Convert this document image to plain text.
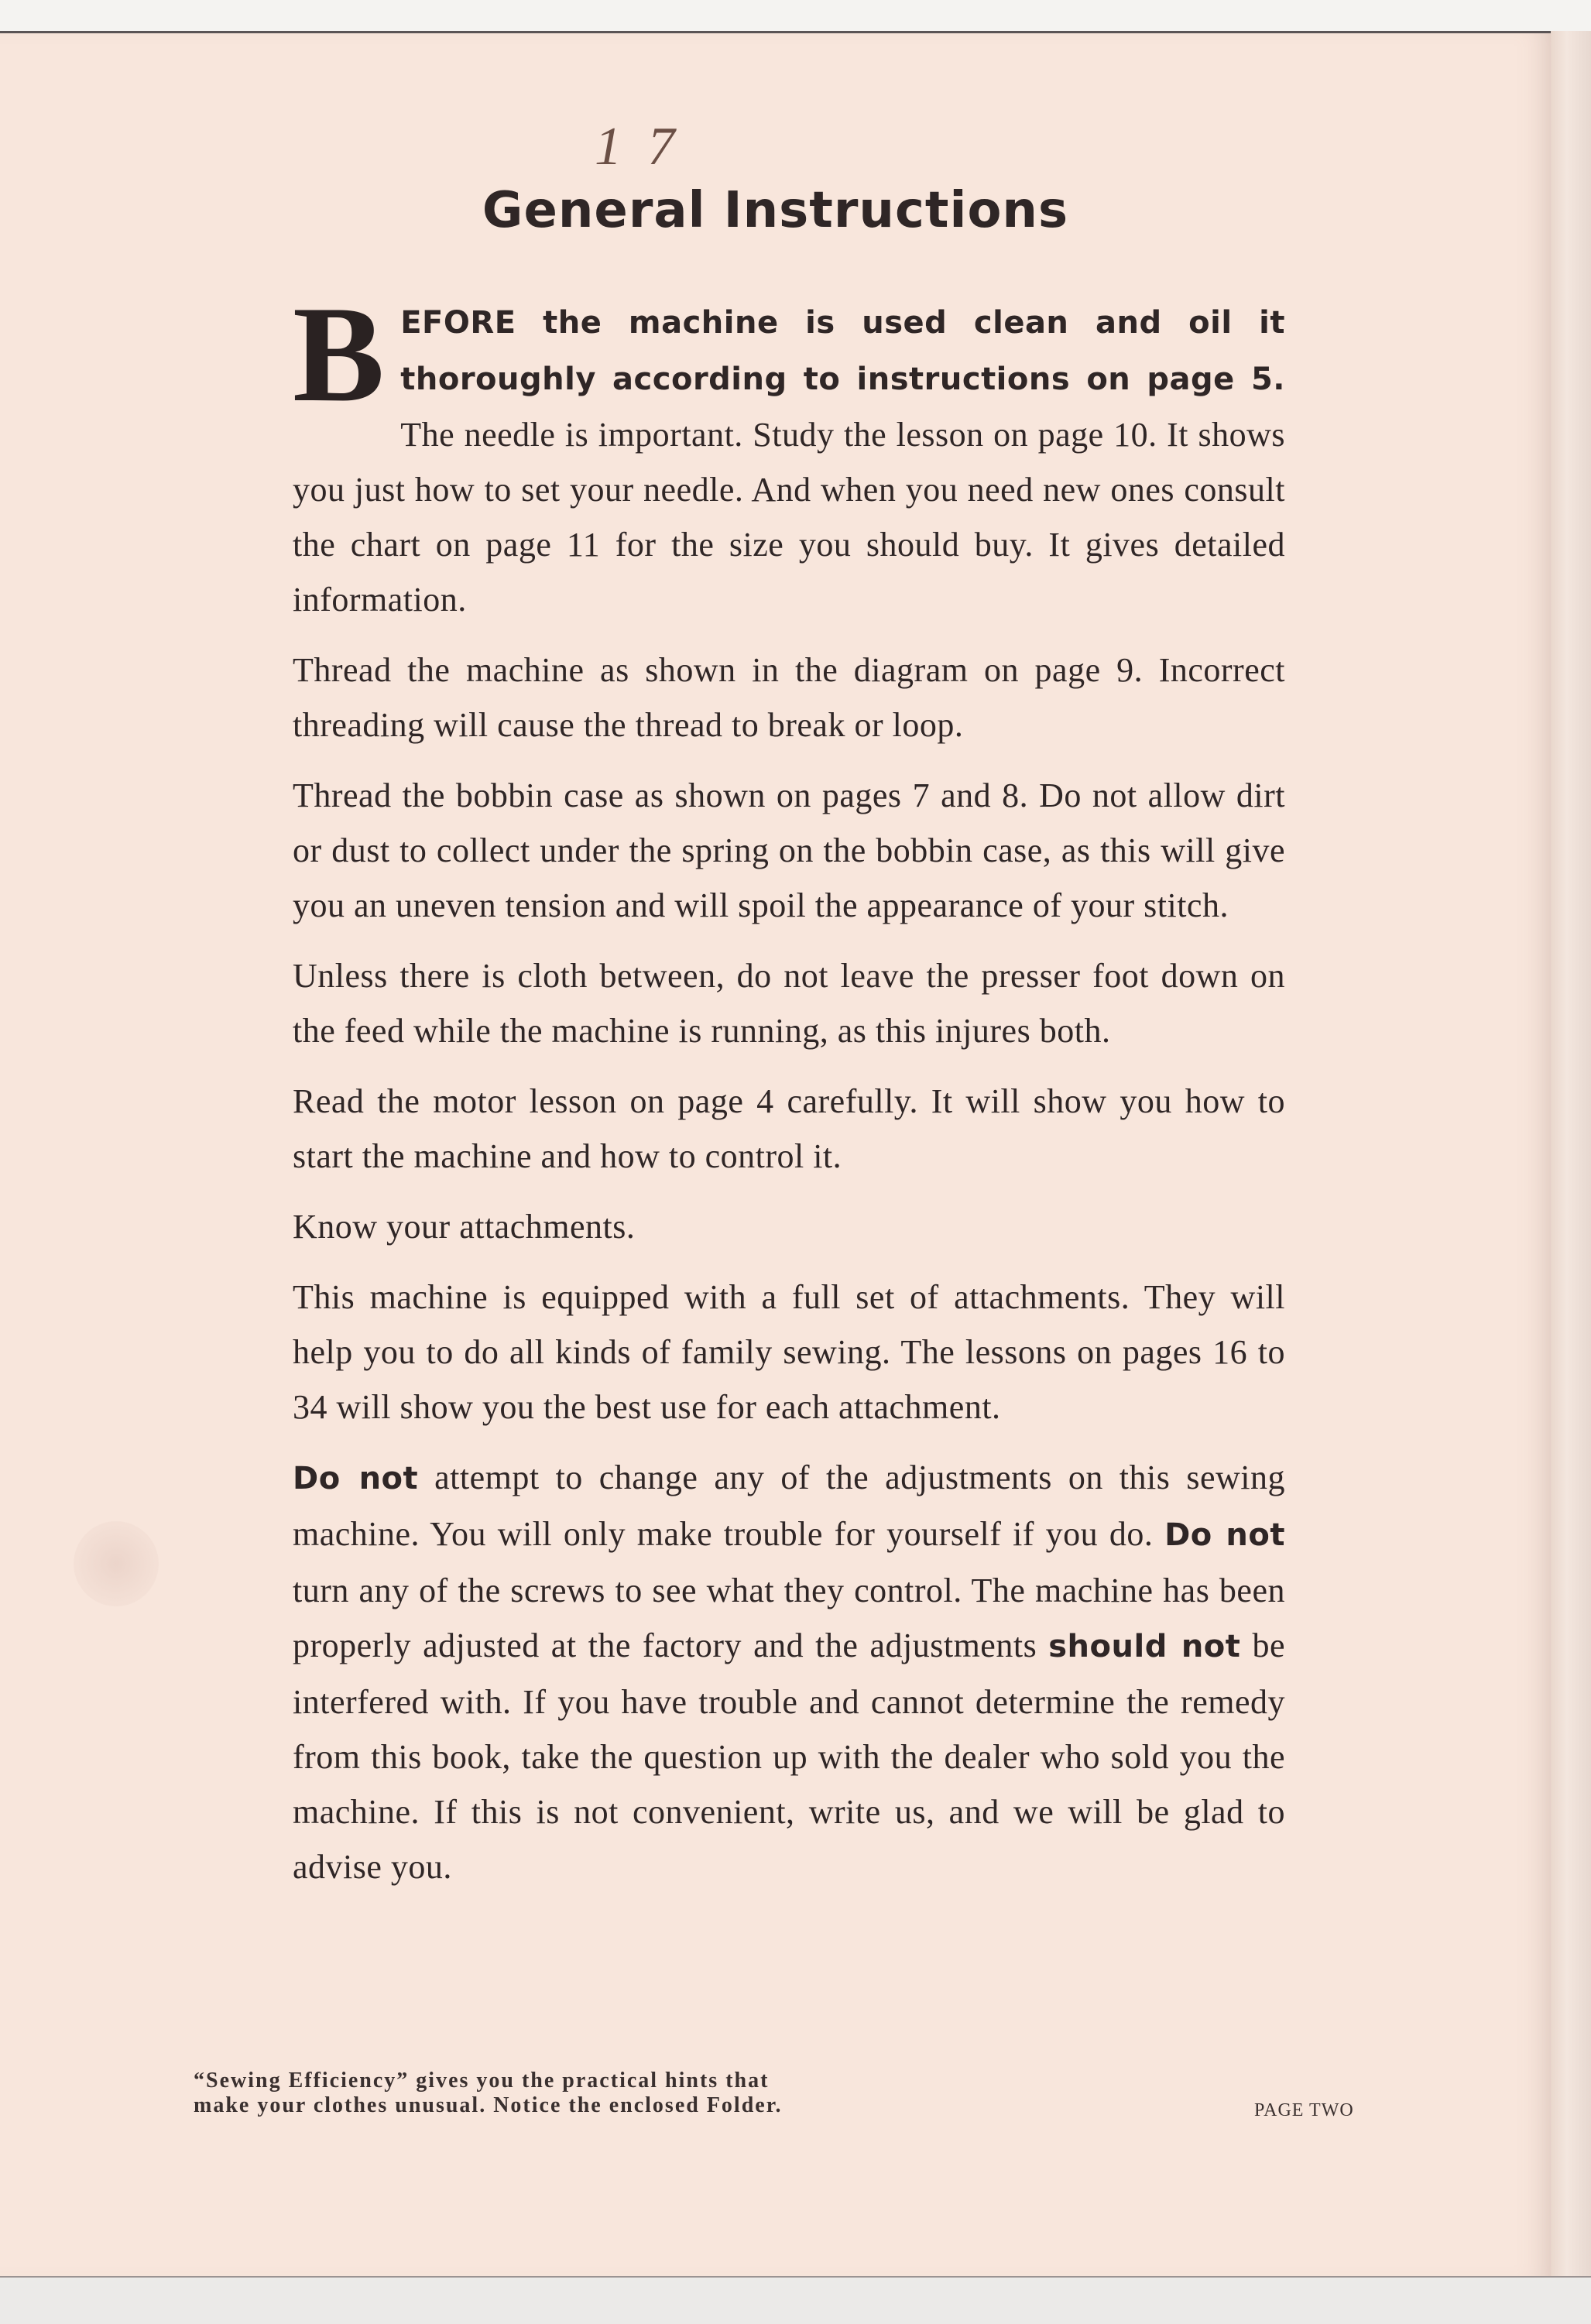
1 7
General Instructions

B EFORE the machine is used clean and oil it thoroughly according to instructions on page 5. The needle is important. Study the lesson on page 10. It shows you just how to set your needle. And when you need new ones consult the chart on page 11 for the size you should buy. It gives detailed information.

Thread the machine as shown in the diagram on page 9. Incorrect threading will cause the thread to break or loop.

Thread the bobbin case as shown on pages 7 and 8. Do not allow dirt or dust to collect under the spring on the bobbin case, as this will give you an uneven tension and will spoil the appearance of your stitch.

Unless there is cloth between, do not leave the presser foot down on the feed while the machine is running, as this injures both.

Read the motor lesson on page 4 carefully. It will show you how to start the machine and how to control it.

Know your attachments.

This machine is equipped with a full set of attachments. They will help you to do all kinds of family sewing. The lessons on pages 16 to 34 will show you the best use for each attachment.

Do not attempt to change any of the adjustments on this sewing machine. You will only make trouble for yourself if you do. Do not turn any of the screws to see what they control. The machine has been properly adjusted at the factory and the adjustments should not be interfered with. If you have trouble and cannot determine the remedy from this book, take the question up with the dealer who sold you the machine. If this is not convenient, write us, and we will be glad to advise you.

“Sewing Efficiency” gives you the practical hints that make your clothes unusual. Notice the enclosed Folder.	PAGE TWO
